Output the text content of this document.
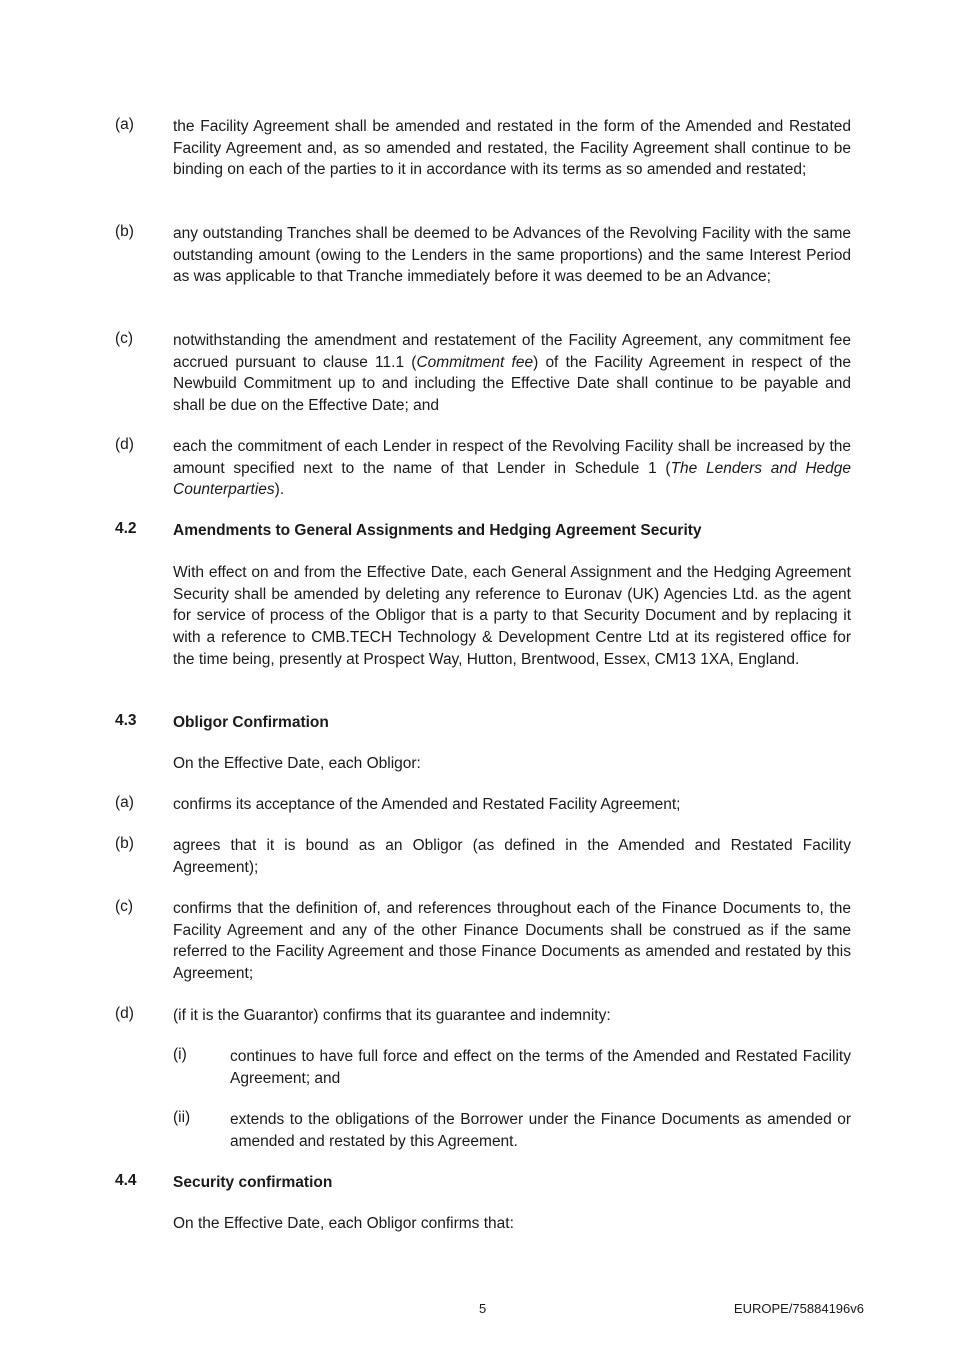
(a)	the Facility Agreement shall be amended and restated in the form of the Amended and Restated Facility Agreement and, as so amended and restated, the Facility Agreement shall continue to be binding on each of the parties to it in accordance with its terms as so amended and restated;
(b)	any outstanding Tranches shall be deemed to be Advances of the Revolving Facility with the same outstanding amount (owing to the Lenders in the same proportions) and the same Interest Period as was applicable to that Tranche immediately before it was deemed to be an Advance;
(c)	notwithstanding the amendment and restatement of the Facility Agreement, any commitment fee accrued pursuant to clause 11.1 (Commitment fee) of the Facility Agreement in respect of the Newbuild Commitment up to and including the Effective Date shall continue to be payable and shall be due on the Effective Date; and
(d)	each the commitment of each Lender in respect of the Revolving Facility shall be increased by the amount specified next to the name of that Lender in Schedule 1 (The Lenders and Hedge Counterparties).
4.2 Amendments to General Assignments and Hedging Agreement Security
With effect on and from the Effective Date, each General Assignment and the Hedging Agreement Security shall be amended by deleting any reference to Euronav (UK) Agencies Ltd. as the agent for service of process of the Obligor that is a party to that Security Document and by replacing it with a reference to CMB.TECH Technology & Development Centre Ltd at its registered office for the time being, presently at Prospect Way, Hutton, Brentwood, Essex, CM13 1XA, England.
4.3 Obligor Confirmation
On the Effective Date, each Obligor:
(a)	confirms its acceptance of the Amended and Restated Facility Agreement;
(b)	agrees that it is bound as an Obligor (as defined in the Amended and Restated Facility Agreement);
(c)	confirms that the definition of, and references throughout each of the Finance Documents to, the Facility Agreement and any of the other Finance Documents shall be construed as if the same referred to the Facility Agreement and those Finance Documents as amended and restated by this Agreement;
(d)	(if it is the Guarantor) confirms that its guarantee and indemnity:
(i)	continues to have full force and effect on the terms of the Amended and Restated Facility Agreement; and
(ii)	extends to the obligations of the Borrower under the Finance Documents as amended or amended and restated by this Agreement.
4.4 Security confirmation
On the Effective Date, each Obligor confirms that:
5	EUROPE/75884196v6
